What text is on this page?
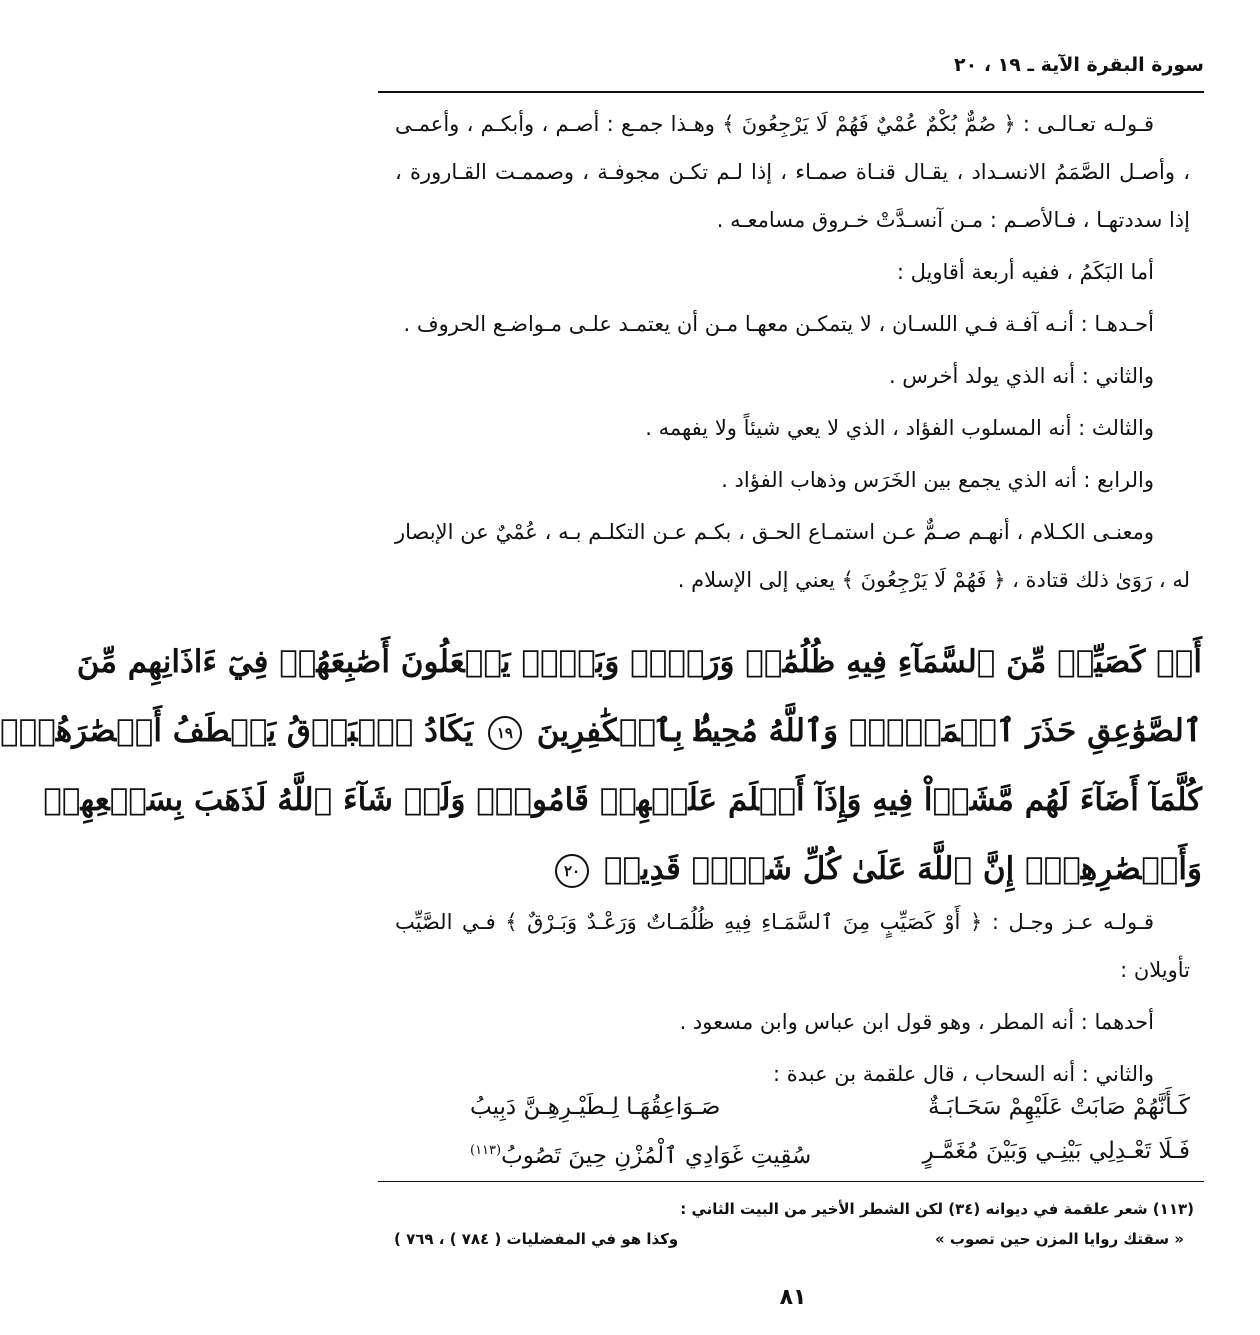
سورة البقرة الآية ـ ١٩ ، ٢٠

قـولـه تعـالـى : ﴿ صُمٌّ بُكْمٌ عُمْيٌ فَهُمْ لَا يَرْجِعُونَ ﴾ وهـذا جمـع : أصـم ، وأبكـم ، وأعمـى ، وأصـل الصَّمَمُ الانسـداد ، يقـال قنـاة صمـاء ، إذا لـم تكـن مجوفـة ، وصممـت القـارورة ، إذا سددتهـا ، فـالأصـم : مـن آنسـدَّتْ خـروق مسامعـه .

أما البَكَمُ ، ففيه أربعة أقاويل :

أحـدهـا : أنـه آفـة فـي اللسـان ، لا يتمكـن معهـا مـن أن يعتمـد علـى مـواضـع الحروف .

والثاني : أنه الذي يولد أخرس .

والثالث : أنه المسلوب الفؤاد ، الذي لا يعي شيئاً ولا يفهمه .

والرابع : أنه الذي يجمع بين الخَرَس وذهاب الفؤاد .

ومعنـى الكـلام ، أنهـم صـمٌّ عـن استمـاع الحـق ، بكـم عـن التكلـم بـه ، عُمْيٌ عن الإبصار له ، رَوَىٰ ذلك قتادة ، ﴿ فَهُمْ لَا يَرْجِعُونَ ﴾ يعني إلى الإسلام .

أَوۡ كَصَيِّبٖ مِّنَ ٱلسَّمَآءِ فِيهِ ظُلُمَٰتٞ وَرَعۡدٞ وَبَرۡقٞ يَجۡعَلُونَ أَصَٰبِعَهُمۡ فِيٓ ءَاذَانِهِم مِّنَ
ٱلصَّوَٰعِقِ حَذَرَ ٱلۡمَوۡتِۚ وَٱللَّهُ مُحِيطُۢ بِٱلۡكَٰفِرِينَ ١٩ يَكَادُ ٱلۡبَرۡقُ يَخۡطَفُ أَبۡصَٰرَهُمۡۖ
كُلَّمَآ أَضَآءَ لَهُم مَّشَوۡاْ فِيهِ وَإِذَآ أَظۡلَمَ عَلَيۡهِمۡ قَامُواْۚ وَلَوۡ شَآءَ ٱللَّهُ لَذَهَبَ بِسَمۡعِهِمۡ
وَأَبۡصَٰرِهِمۡۚ إِنَّ ٱللَّهَ عَلَىٰ كُلِّ شَيۡءٖ قَدِيرٞ ٢٠

قـولـه عـز وجـل : ﴿ أَوْ كَصَيِّبٍ مِنَ ٱلسَّمَـاءِ فِيهِ ظُلُمَـاتٌ وَرَعْـدٌ وَبَـرْقٌ ﴾ فـي الصَّيِّب تأويلان :

أحدهما : أنه المطر ، وهو قول ابن عباس وابن مسعود .

والثاني : أنه السحاب ، قال علقمة بن عبدة :

كَـأَنَّهُمْ صَابَتْ عَلَيْهِمْ سَحَـابَـةٌ
صَـوَاعِقُهَـا لِـطَيْـرِهِـنَّ دَبِيبُ
فَـلَا تَعْـدِلِي بَيْنِـي وَبَيْنَ مُغَمَّـرٍ
سُقِيتِ غَوَادِي ٱلْمُزْنِ حِينَ تَصُوبُ$^{(١١٣)}$
(١١٣) شعر علقمة في ديوانه (٣٤) لكن الشطر الأخير من البيت الثاني :
« سقتك روايا المزن حين تصوب »
وكذا هو في المفضليات ( ٧٨٤ ) ، ٧٦٩ )
٨١
